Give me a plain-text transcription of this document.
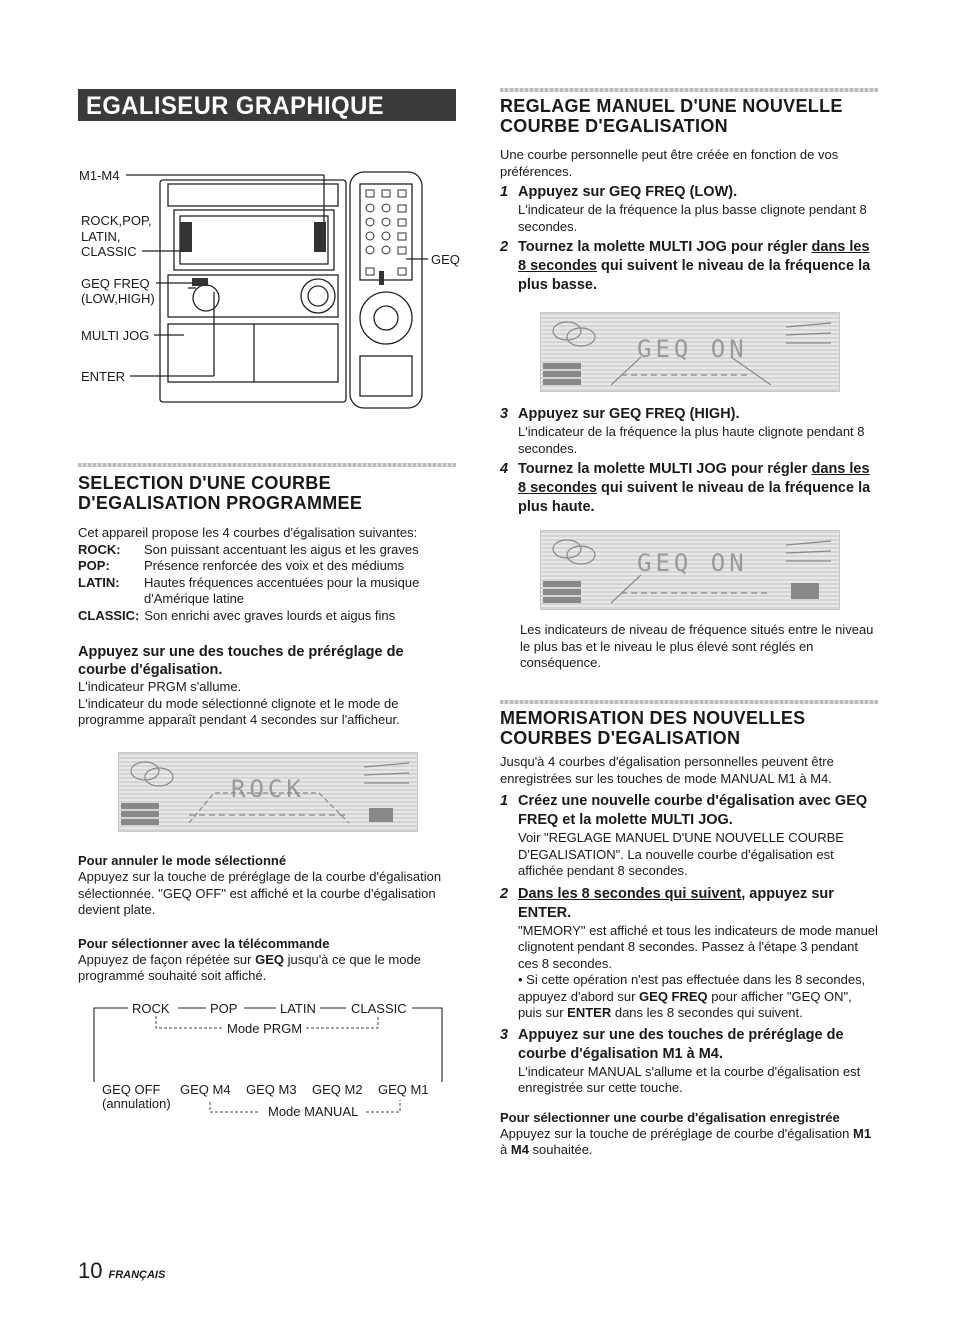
EGALISEUR GRAPHIQUE
M1-M4
ROCK,POP,
LATIN,
CLASSIC
GEQ FREQ
(LOW,HIGH)
MULTI JOG
ENTER
GEQ
SELECTION D'UNE COURBE
D'EGALISATION PROGRAMMEE
Cet appareil propose les 4 courbes d'égalisation suivantes:
ROCK:	Son puissant accentuant les aigus et les graves
POP:	Présence renforcée des voix et des médiums
LATIN:	Hautes fréquences accentuées pour la musique d'Amérique latine
CLASSIC: Son enrichi avec graves lourds et aigus fins
Appuyez sur une des touches de préréglage de
courbe d'égalisation.
L'indicateur PRGM s'allume.
L'indicateur du mode sélectionné clignote et le mode de programme apparaît pendant 4 secondes sur l'afficheur.
ROCK
Pour annuler le mode sélectionné
Appuyez sur la touche de préréglage de la courbe d'égalisation sélectionnée. "GEQ OFF" est affiché et la courbe d'égalisation devient plate.
Pour sélectionner avec la télécommande
Appuyez de façon répétée sur GEQ jusqu'à ce que le mode programmé souhaité soit affiché.
ROCK	POP	LATIN	CLASSIC
Mode PRGM
GEQ OFF GEQ M4 GEQ M3 GEQ M2 GEQ M1
(annulation)
Mode MANUAL
REGLAGE MANUEL D'UNE NOUVELLE
COURBE D'EGALISATION
Une courbe personnelle peut être créée en fonction de vos préférences.
1 Appuyez sur GEQ FREQ (LOW).
L'indicateur de la fréquence la plus basse clignote pendant 8 secondes.
2 Tournez la molette MULTI JOG pour régler dans les 8 secondes qui suivent le niveau de la fréquence la plus basse.
GEQ ON
3 Appuyez sur GEQ FREQ (HIGH).
L'indicateur de la fréquence la plus haute clignote pendant 8 secondes.
4 Tournez la molette MULTI JOG pour régler dans les 8 secondes qui suivent le niveau de la fréquence la plus haute.
GEQ ON
Les indicateurs de niveau de fréquence situés entre le niveau le plus bas et le niveau le plus élevé sont réglés en conséquence.
MEMORISATION DES NOUVELLES
COURBES D'EGALISATION
Jusqu'à 4 courbes d'égalisation personnelles peuvent être enregistrées sur les touches de mode MANUAL M1 à M4.
1 Créez une nouvelle courbe d'égalisation avec GEQ FREQ et la molette MULTI JOG.
Voir "REGLAGE MANUEL D'UNE NOUVELLE COURBE D'EGALISATION". La nouvelle courbe d'égalisation est affichée pendant 8 secondes.
2 Dans les 8 secondes qui suivent, appuyez sur ENTER.
"MEMORY" est affiché et tous les indicateurs de mode manuel clignotent pendant 8 secondes. Passez à l'étape 3 pendant ces 8 secondes.
• Si cette opération n'est pas effectuée dans les 8 secondes, appuyez d'abord sur GEQ FREQ pour afficher "GEQ ON", puis sur ENTER dans les 8 secondes qui suivent.
3 Appuyez sur une des touches de préréglage de courbe d'égalisation M1 à M4.
L'indicateur MANUAL s'allume et la courbe d'égalisation est enregistrée sur cette touche.
Pour sélectionner une courbe d'égalisation enregistrée
Appuyez sur la touche de préréglage de courbe d'égalisation M1 à M4 souhaitée.
10 FRANÇAIS
